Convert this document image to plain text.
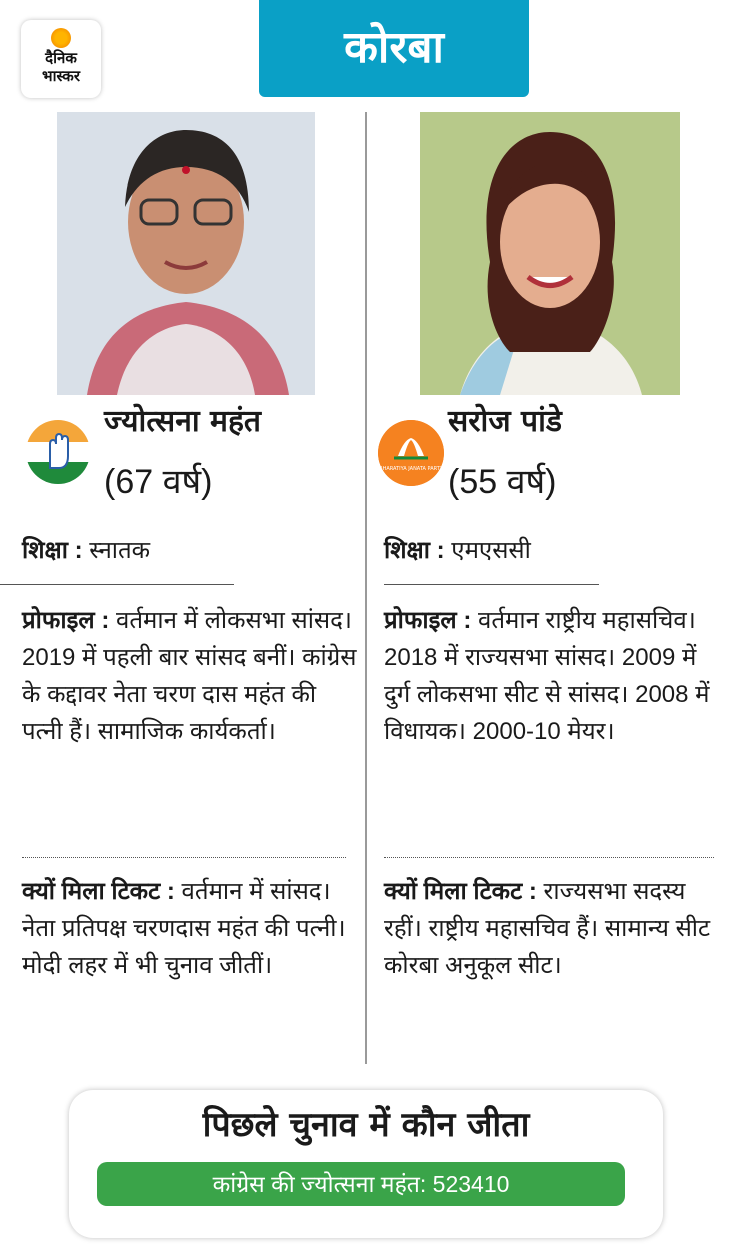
दैनिक
भास्कर
कोरबा
BHARATIYA JANATA PARTY
ज्योत्सना महंत
(67 वर्ष)
सरोज पांडे
(55 वर्ष)
शिक्षा : स्नातक	शिक्षा : एमएससी
प्रोफाइल : वर्तमान में लोकसभा सांसद। 2019 में पहली बार सांसद बनीं। कांग्रेस के कद्दावर नेता चरण दास महंत की पत्नी हैं। सामाजिक कार्यकर्ता।
प्रोफाइल : वर्तमान राष्ट्रीय महासचिव। 2018 में राज्यसभा सांसद। 2009 में दुर्ग लोकसभा सीट से सांसद। 2008 में विधायक। 2000-10 मेयर।
क्यों मिला टिकट : वर्तमान में सांसद। नेता प्रतिपक्ष चरणदास महंत की पत्नी। मोदी लहर में भी चुनाव जीतीं।
क्यों मिला टिकट : राज्यसभा सदस्य रहीं। राष्ट्रीय महासचिव हैं। सामान्य सीट कोरबा अनुकूल सीट।
पिछले चुनाव में कौन जीता
कांग्रेस की ज्योत्सना महंत: 523410
